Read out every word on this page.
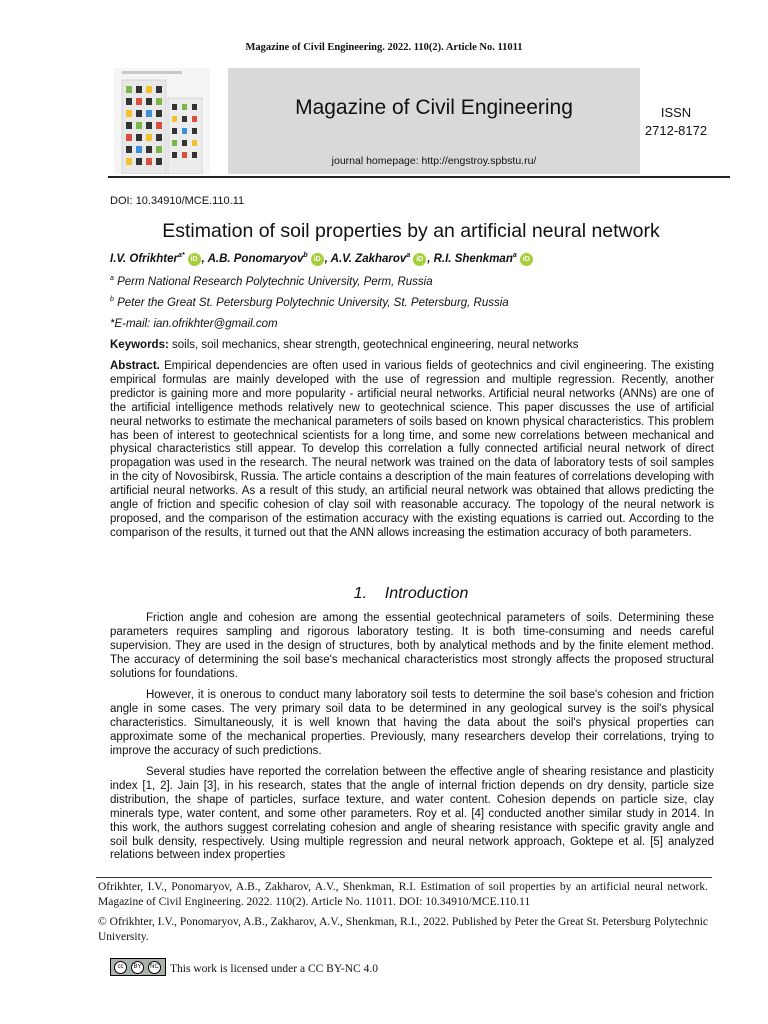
Magazine of Civil Engineering. 2022. 110(2). Article No. 11011
Magazine of Civil Engineering
journal homepage: http://engstroy.spbstu.ru/
ISSN
2712-8172
DOI: 10.34910/MCE.110.11
Estimation of soil properties by an artificial neural network
I.V. Ofrikhter$^{a*}$iD , A.B. Ponomaryov$^b$iD , A.V. Zakharov$^a$iD , R.I. Shenkman$^a$iD
$^a$ Perm National Research Polytechnic University, Perm, Russia
$^b$ Peter the Great St. Petersburg Polytechnic University, St. Petersburg, Russia
*E-mail: ian.ofrikhter@gmail.com
Keywords: soils, soil mechanics, shear strength, geotechnical engineering, neural networks
Abstract. Empirical dependencies are often used in various fields of geotechnics and civil engineering. The existing empirical formulas are mainly developed with the use of regression and multiple regression. Recently, another predictor is gaining more and more popularity - artificial neural networks. Artificial neural networks (ANNs) are one of the artificial intelligence methods relatively new to geotechnical science. This paper discusses the use of artificial neural networks to estimate the mechanical parameters of soils based on known physical characteristics. This problem has been of interest to geotechnical scientists for a long time, and some new correlations between mechanical and physical characteristics still appear. To develop this correlation a fully connected artificial neural network of direct propagation was used in the research. The neural network was trained on the data of laboratory tests of soil samples in the city of Novosibirsk, Russia. The article contains a description of the main features of correlations developing with artificial neural networks. As a result of this study, an artificial neural network was obtained that allows predicting the angle of friction and specific cohesion of clay soil with reasonable accuracy. The topology of the neural network is proposed, and the comparison of the estimation accuracy with the existing equations is carried out. According to the comparison of the results, it turned out that the ANN allows increasing the estimation accuracy of both parameters.
1.    Introduction
Friction angle and cohesion are among the essential geotechnical parameters of soils. Determining these parameters requires sampling and rigorous laboratory testing. It is both time-consuming and needs careful supervision. They are used in the design of structures, both by analytical methods and by the finite element method. The accuracy of determining the soil base's mechanical characteristics most strongly affects the proposed structural solutions for foundations.
However, it is onerous to conduct many laboratory soil tests to determine the soil base's cohesion and friction angle in some cases. The very primary soil data to be determined in any geological survey is the soil's physical characteristics. Simultaneously, it is well known that having the data about the soil's physical properties can approximate some of the mechanical properties. Previously, many researchers develop their correlations, trying to improve the accuracy of such predictions.
Several studies have reported the correlation between the effective angle of shearing resistance and plasticity index [1, 2]. Jain [3], in his research, states that the angle of internal friction depends on dry density, particle size distribution, the shape of particles, surface texture, and water content. Cohesion depends on particle size, clay minerals type, water content, and some other parameters. Roy et al. [4] conducted another similar study in 2014. In this work, the authors suggest correlating cohesion and angle of shearing resistance with specific gravity angle and soil bulk density, respectively. Using multiple regression and neural network approach, Goktepe et al. [5] analyzed relations between index properties
Ofrikhter, I.V., Ponomaryov, A.B., Zakharov, A.V., Shenkman, R.I. Estimation of soil properties by an artificial neural network. Magazine of Civil Engineering. 2022. 110(2). Article No. 11011. DOI: 10.34910/MCE.110.11
© Ofrikhter, I.V., Ponomaryov, A.B., Zakharov, A.V., Shenkman, R.I., 2022. Published by Peter the Great St. Petersburg Polytechnic University.
cc	BY	NC This work is licensed under a CC BY-NC 4.0
